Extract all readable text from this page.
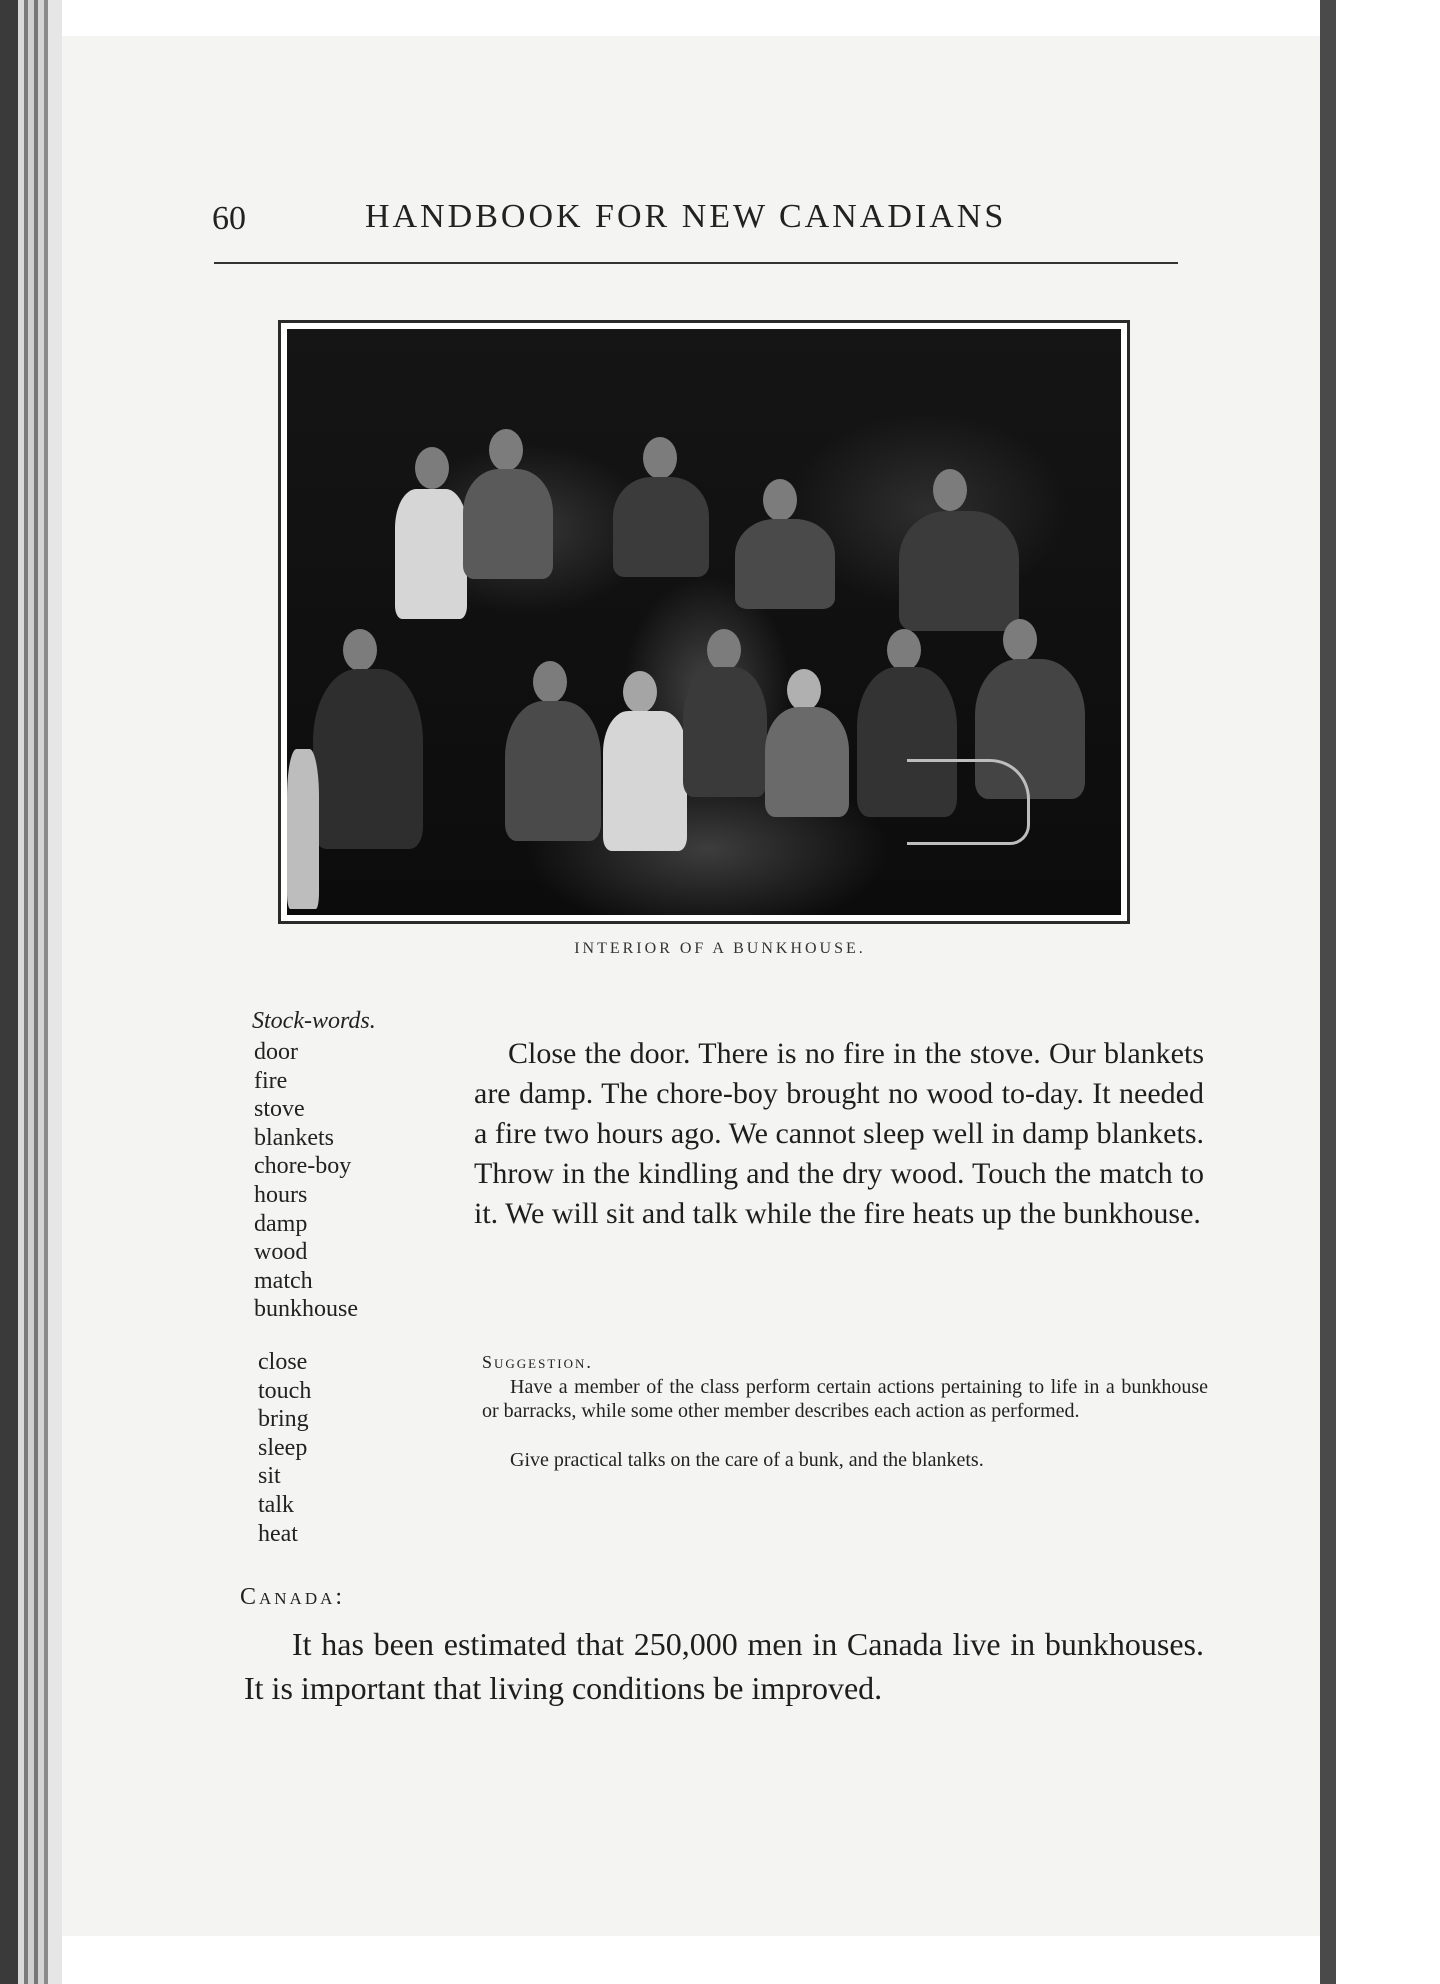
60	HANDBOOK FOR NEW CANADIANS
INTERIOR OF A BUNKHOUSE.
Stock-words.
door
fire
stove
blankets
chore-boy
hours
damp
wood
match
bunkhouse
close
touch
bring
sleep
sit
talk
heat

Close the door. There is no fire in the stove. Our blankets are damp. The chore-boy brought no wood to-day. It needed a fire two hours ago. We cannot sleep well in damp blankets. Throw in the kindling and the dry wood. Touch the match to it. We will sit and talk while the fire heats up the bunkhouse.

Suggestion.

Have a member of the class perform certain actions pertaining to life in a bunkhouse or barracks, while some other member describes each action as performed.

Give practical talks on the care of a bunk, and the blankets.

Canada:

It has been estimated that 250,000 men in Canada live in bunkhouses. It is important that living conditions be improved.
